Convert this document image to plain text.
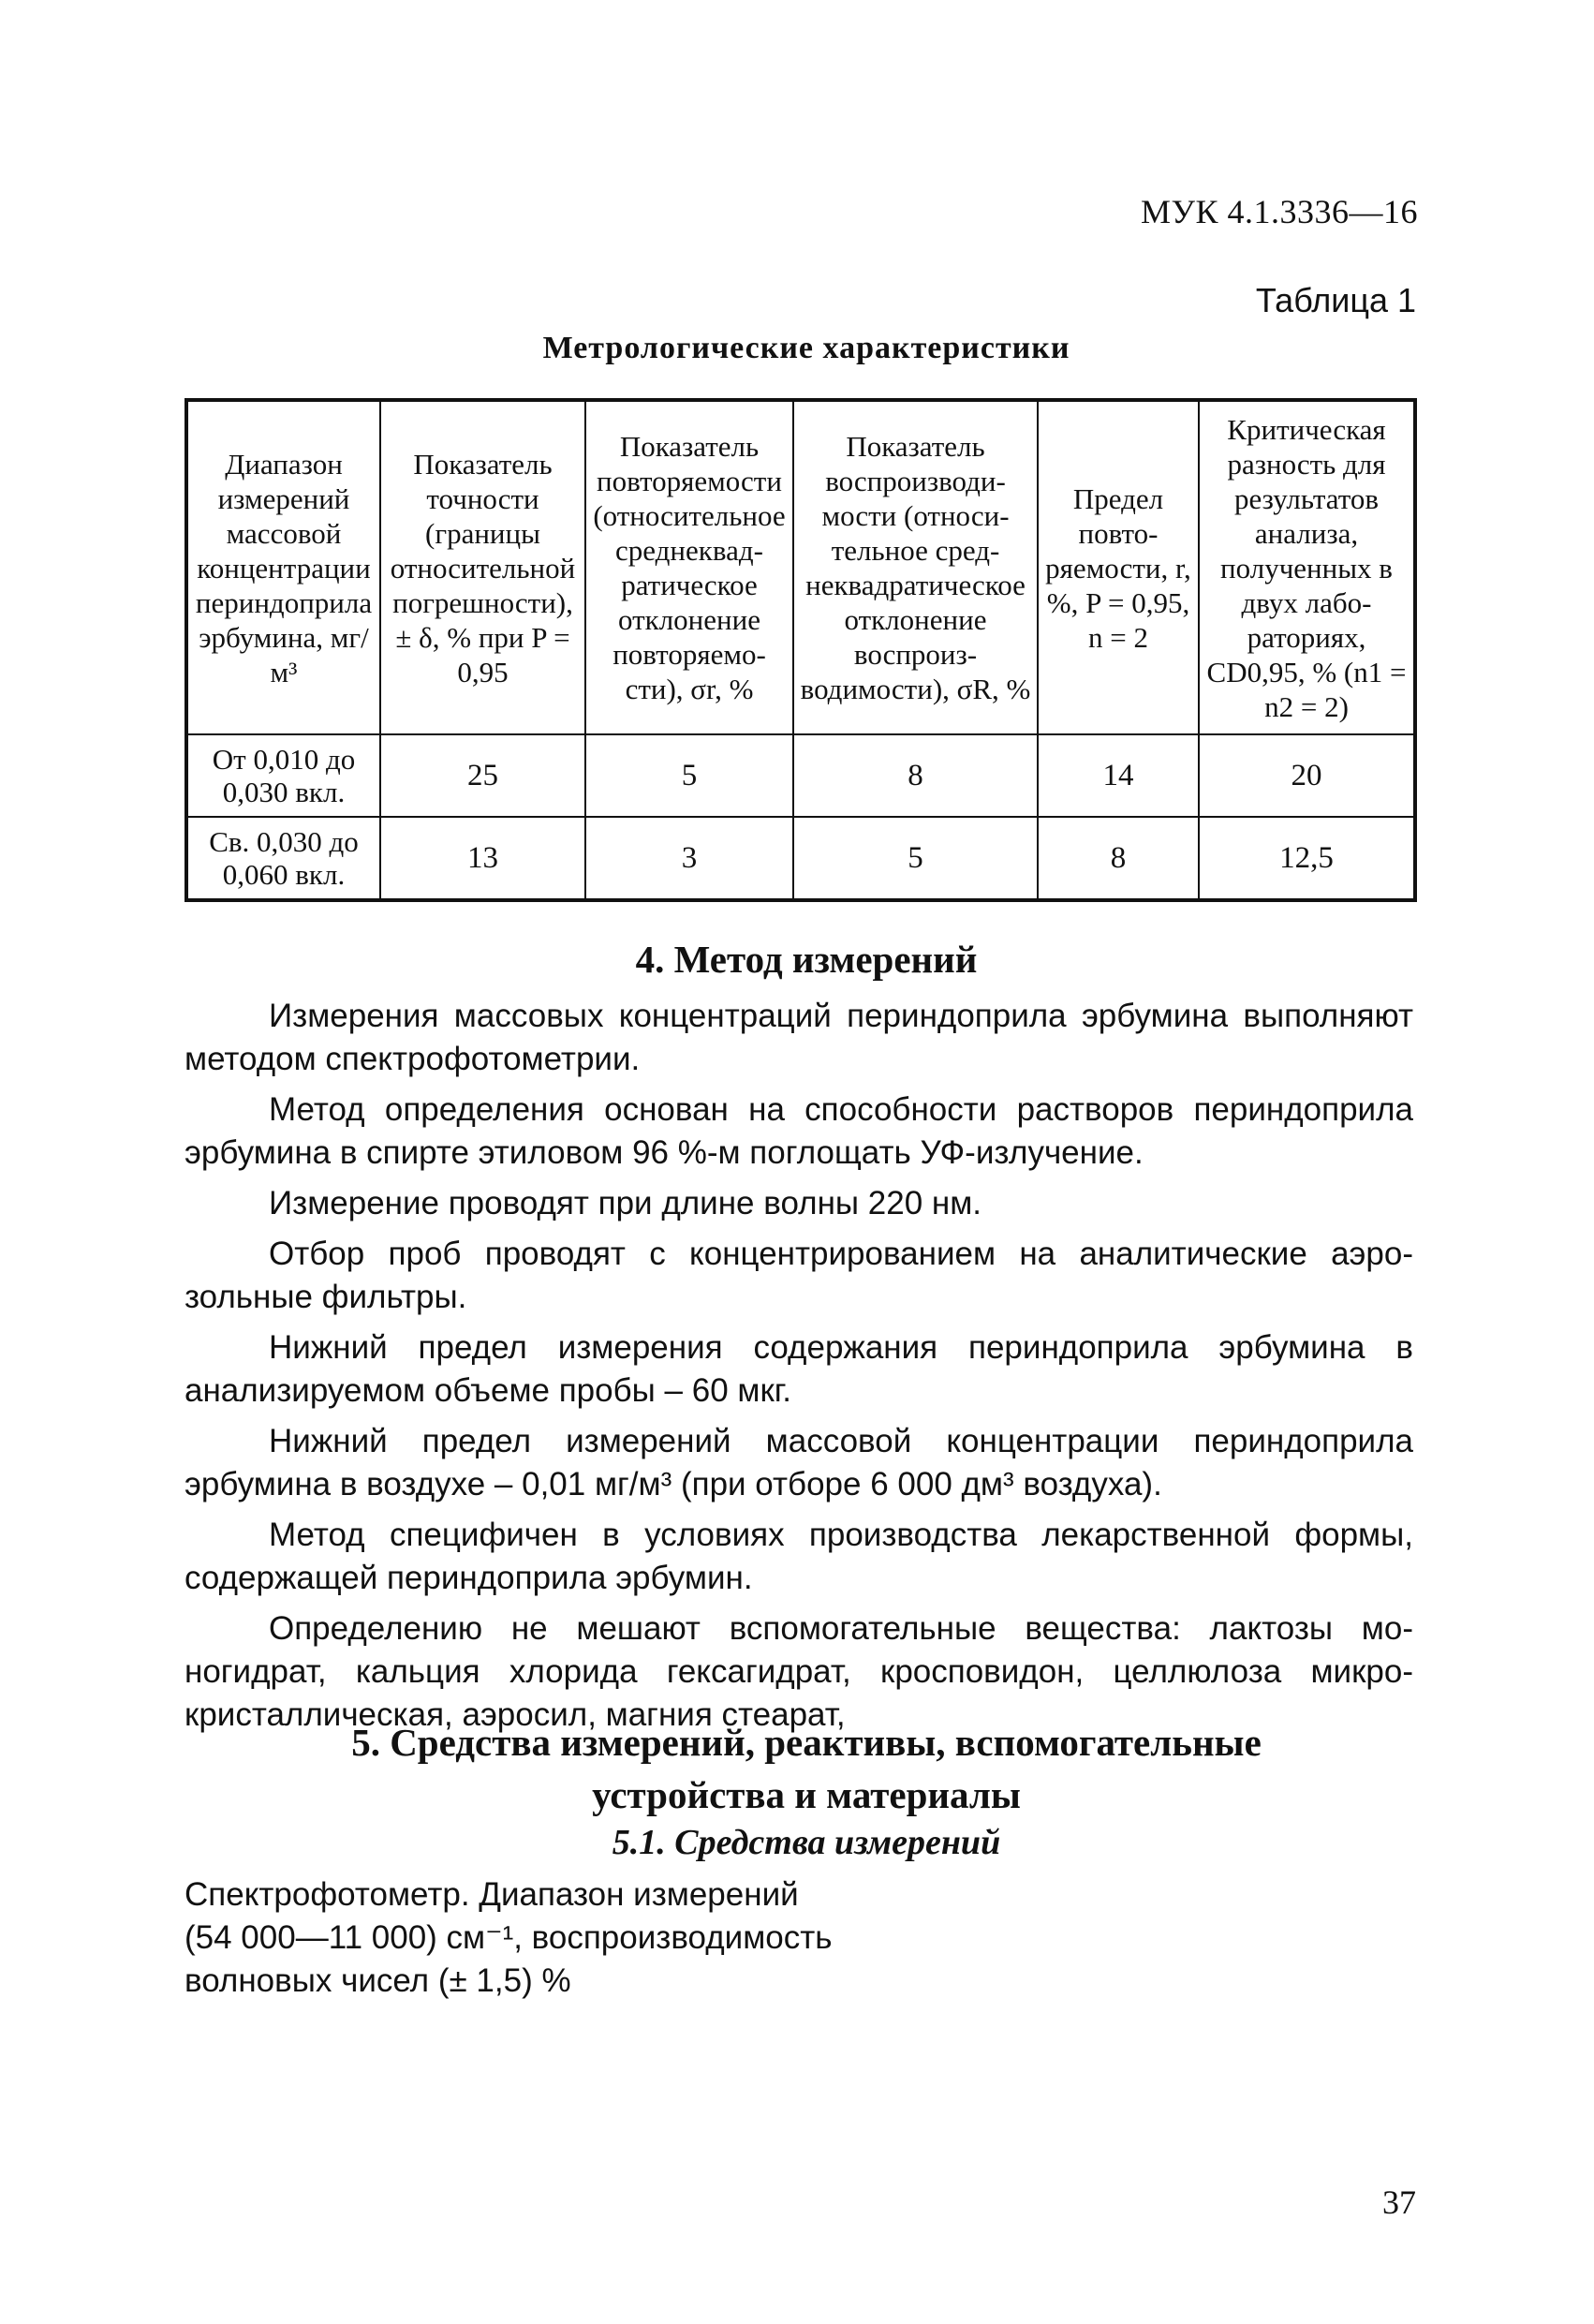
МУК 4.1.3336—16
Таблица 1
Метрологические характеристики
Диапазон измерений массовой концентрации периндоприла эрбумина, мг/м³	Показатель точности (границы относительной погрешности), ± δ, % при P = 0,95	Показатель повторяемости (относительное среднеквадратическое отклонение повторяемости), σr, %	Показатель воспроизводимости (относительное среднеквадратическое отклонение воспроизводимости), σR, %	Предел повторяемости, r, %, P = 0,95, n = 2	Критическая разность для результатов анализа, полученных в двух лабораториях, CD0,95, % (n1 = n2 = 2)
От 0,010 до 0,030 вкл.	25	5	8	14	20
Св. 0,030 до 0,060 вкл.	13	3	5	8	12,5
4. Метод измерений

Измерения массовых концентраций периндоприла эрбумина выполняют методом спектрофотометрии.

Метод определения основан на способности растворов периндоприла эрбумина в спирте этиловом 96 %-м поглощать УФ-излучение.

Измерение проводят при длине волны 220 нм.

Отбор проб проводят с концентрированием на аналитические аэрозольные фильтры.

Нижний предел измерения содержания периндоприла эрбумина в анализируемом объеме пробы – 60 мкг.

Нижний предел измерений массовой концентрации периндоприла эрбумина в воздухе – 0,01 мг/м³ (при отборе 6 000 дм³ воздуха).

Метод специфичен в условиях производства лекарственной формы, содержащей периндоприла эрбумин.

Определению не мешают вспомогательные вещества: лактозы моногидрат, кальция хлорида гексагидрат, кросповидон, целлюлоза микрокристаллическая, аэросил, магния стеарат,

5. Средства измерений, реактивы, вспомогательные
устройства и материалы
5.1. Средства измерений
Спектрофотометр. Диапазон измерений
(54 000—11 000) см⁻¹, воспроизводимость
волновых чисел (± 1,5) %
37
